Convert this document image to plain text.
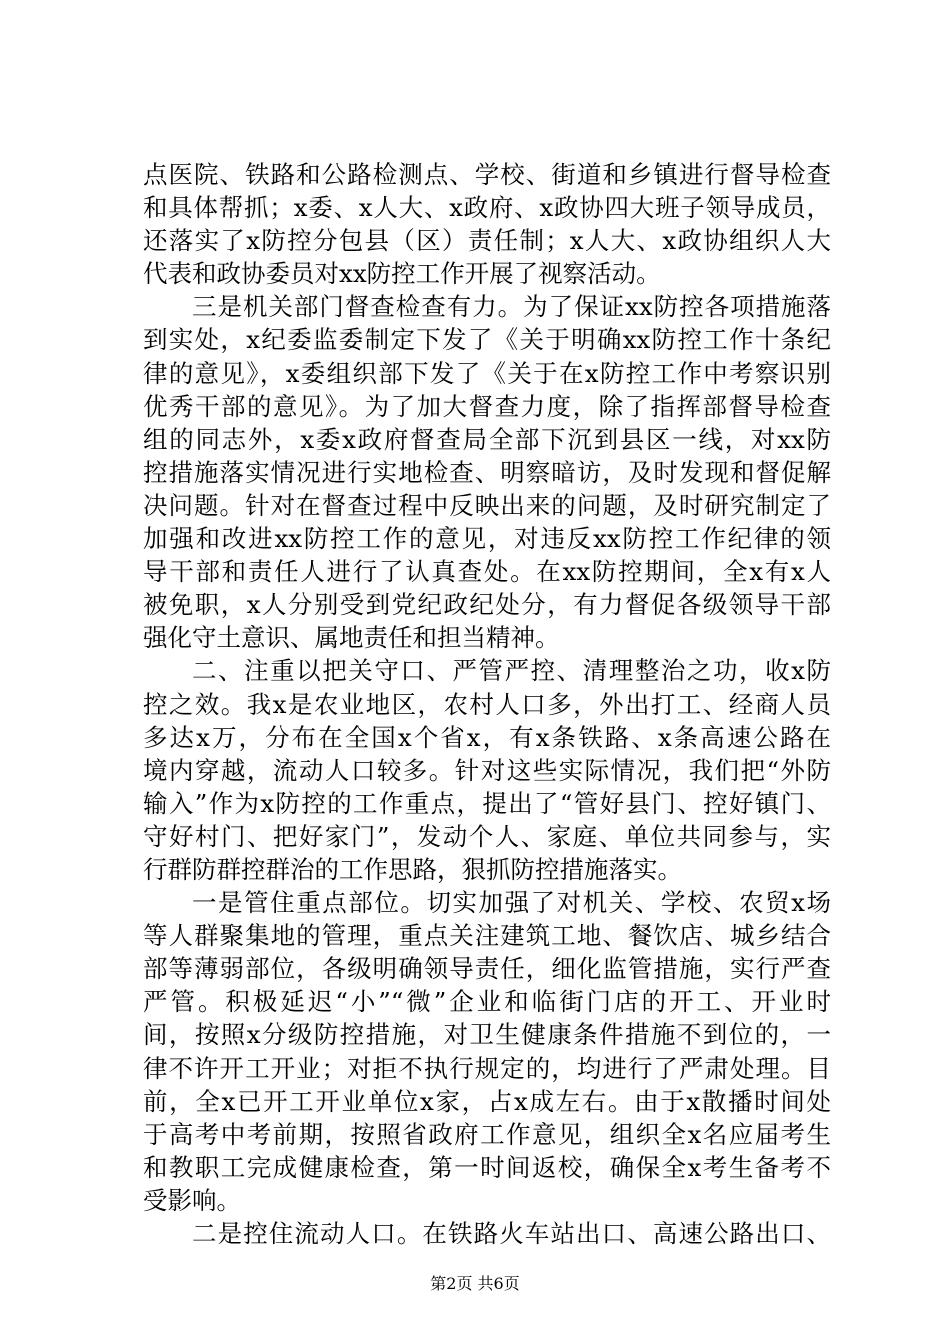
点医院、铁路和公路检测点、学校、街道和乡镇进行督导检查
和具体帮抓；x委、x人大、x政府、x政协四大班子领导成员，
还落实了x防控分包县（区）责任制；x人大、x政协组织人大
代表和政协委员对xx防控工作开展了视察活动。
三是机关部门督查检查有力。为了保证xx防控各项措施落
到实处，x纪委监委制定下发了《关于明确xx防控工作十条纪
律的意见》，x委组织部下发了《关于在x防控工作中考察识别
优秀干部的意见》。为了加大督查力度，除了指挥部督导检查
组的同志外，x委x政府督查局全部下沉到县区一线，对xx防
控措施落实情况进行实地检查、明察暗访，及时发现和督促解
决问题。针对在督查过程中反映出来的问题，及时研究制定了
加强和改进xx防控工作的意见，对违反xx防控工作纪律的领
导干部和责任人进行了认真查处。在xx防控期间，全x有x人
被免职，x人分别受到党纪政纪处分，有力督促各级领导干部
强化守土意识、属地责任和担当精神。
二、注重以把关守口、严管严控、清理整治之功，收x防
控之效。我x是农业地区，农村人口多，外出打工、经商人员
多达x万，分布在全国x个省x，有x条铁路、x条高速公路在
境内穿越，流动人口较多。针对这些实际情况，我们把“外防
输入”作为x防控的工作重点，提出了“管好县门、控好镇门、
守好村门、把好家门”，发动个人、家庭、单位共同参与，实
行群防群控群治的工作思路，狠抓防控措施落实。
一是管住重点部位。切实加强了对机关、学校、农贸x场
等人群聚集地的管理，重点关注建筑工地、餐饮店、城乡结合
部等薄弱部位，各级明确领导责任，细化监管措施，实行严查
严管。积极延迟“小”“微”企业和临街门店的开工、开业时
间，按照x分级防控措施，对卫生健康条件措施不到位的，一
律不许开工开业；对拒不执行规定的，均进行了严肃处理。目
前，全x已开工开业单位x家，占x成左右。由于x散播时间处
于高考中考前期，按照省政府工作意见，组织全x名应届考生
和教职工完成健康检查，第一时间返校，确保全x考生备考不
受影响。
二是控住流动人口。在铁路火车站出口、高速公路出口、
第2页 共6页
